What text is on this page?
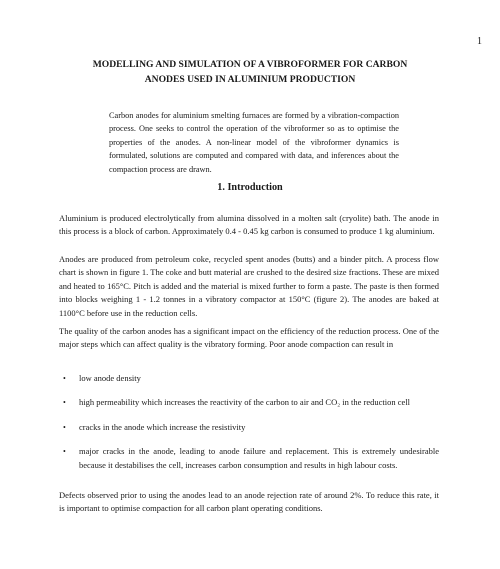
1
MODELLING AND SIMULATION OF A VIBROFORMER FOR CARBON
ANODES USED IN ALUMINIUM PRODUCTION
Carbon anodes for aluminium smelting furnaces are formed by a vibration-compaction process. One seeks to control the operation of the vibroformer so as to optimise the properties of the anodes. A non-linear model of the vibroformer dynamics is formulated, solutions are computed and compared with data, and inferences about the compaction process are drawn.
1. Introduction
Aluminium is produced electrolytically from alumina dissolved in a molten salt (cryolite) bath. The anode in this process is a block of carbon. Approximately 0.4 - 0.45 kg carbon is consumed to produce 1 kg aluminium.
Anodes are produced from petroleum coke, recycled spent anodes (butts) and a binder pitch. A process flow chart is shown in figure 1. The coke and butt material are crushed to the desired size fractions. These are mixed and heated to 165°C. Pitch is added and the material is mixed further to form a paste. The paste is then formed into blocks weighing 1 - 1.2 tonnes in a vibratory compactor at 150°C (figure 2). The anodes are baked at 1100°C before use in the reduction cells.
The quality of the carbon anodes has a significant impact on the efficiency of the reduction process. One of the major steps which can affect quality is the vibratory forming. Poor anode compaction can result in
• low anode density
• high permeability which increases the reactivity of the carbon to air and CO₂ in the reduction cell
• cracks in the anode which increase the resistivity
• major cracks in the anode, leading to anode failure and replacement. This is extremely undesirable because it destabilises the cell, increases carbon consumption and results in high labour costs.
Defects observed prior to using the anodes lead to an anode rejection rate of around 2%. To reduce this rate, it is important to optimise compaction for all carbon plant operating conditions.
